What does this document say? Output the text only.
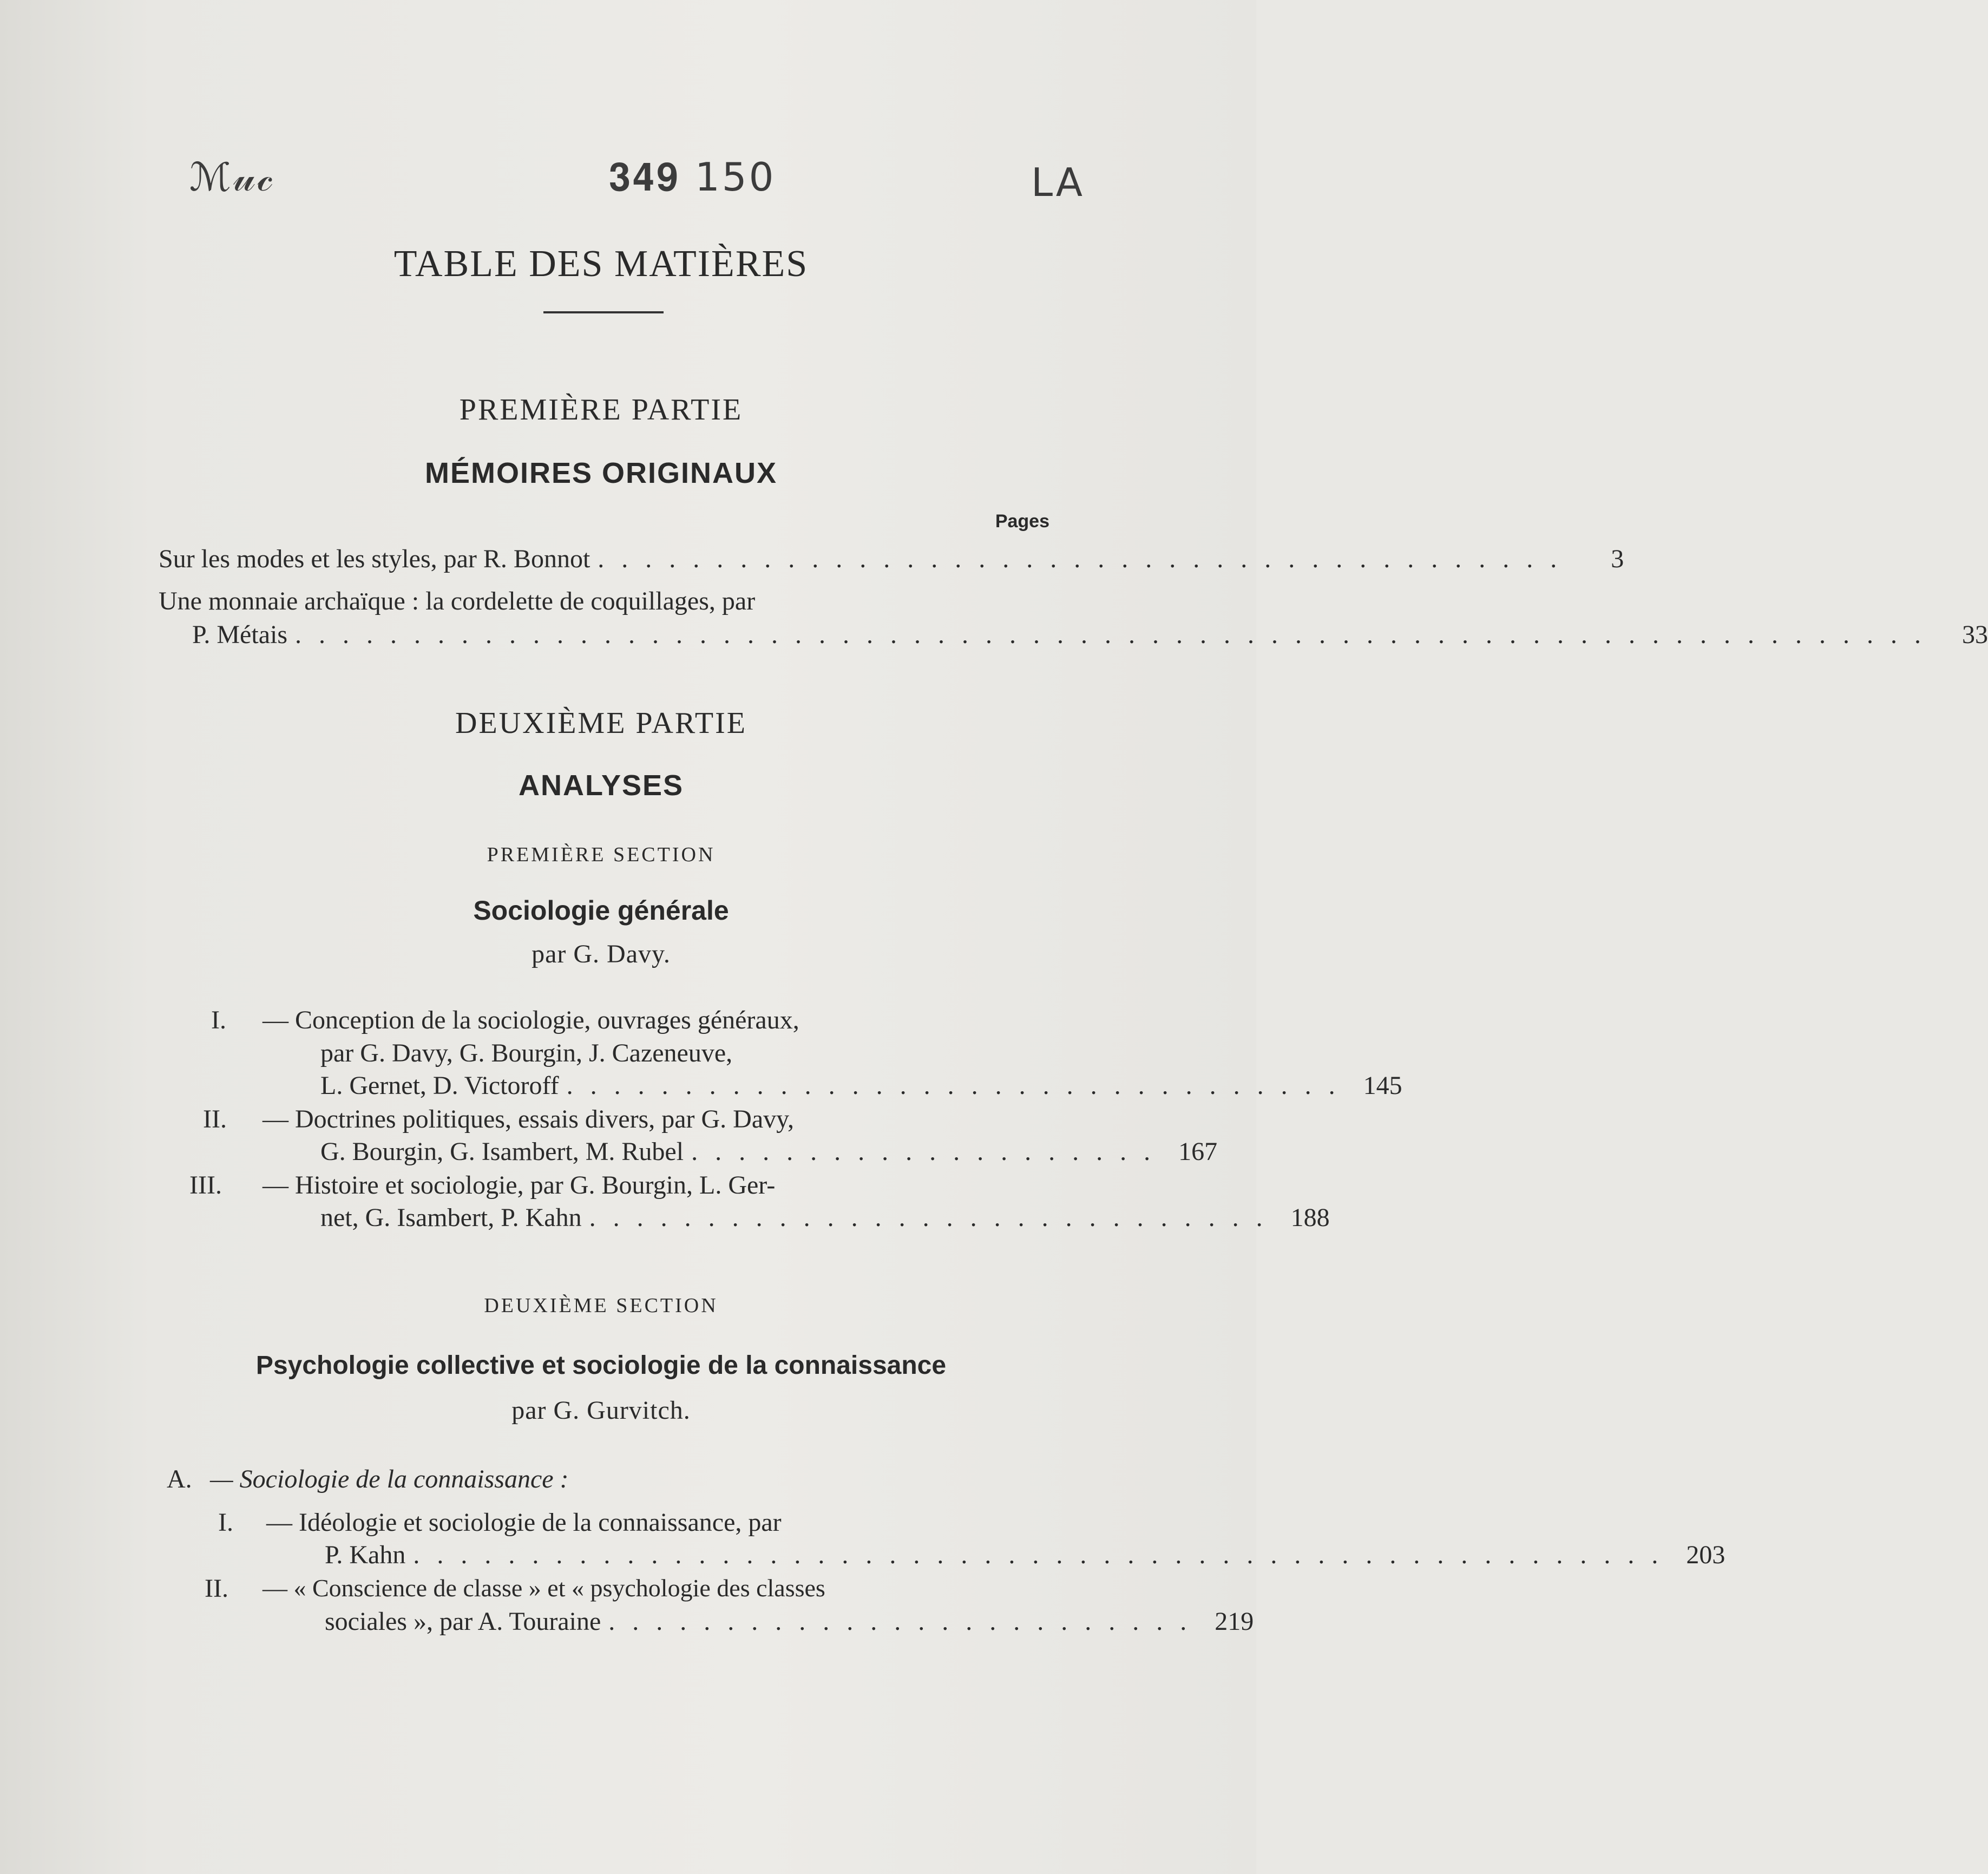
ℳ𝓊𝒸	𝟑𝟒𝟗 150	LA
TABLE DES MATIÈRES
PREMIÈRE PARTIE
MÉMOIRES ORIGINAUX
Pages
Sur les modes et les styles, par R. Bonnot . . . . . . . . . . . . . . . . . . . . . . . . . . . . . . . . . . . . . . . . .	3
Une monnaie archaïque : la cordelette de coquillages, par
P. Métais . . . . . . . . . . . . . . . . . . . . . . . . . . . . . . . . . . . . . . . . . . . . . . . . . . . . . . . . . . . . . . . . . . . . .	33
DEUXIÈME PARTIE
ANALYSES
PREMIÈRE SECTION
Sociologie générale
par G. Davy.
I. — Conception de la sociologie, ouvrages généraux,
par G. Davy, G. Bourgin, J. Cazeneuve,
L. Gernet, D. Victoroff . . . . . . . . . . . . . . . . . . . . . . . . . . . . . . . . . 145
II. — Doctrines politiques, essais divers, par G. Davy,
G. Bourgin, G. Isambert, M. Rubel . . . . . . . . . . . . . . . . . . . . 167
III. — Histoire et sociologie, par G. Bourgin, L. Ger-
net, G. Isambert, P. Kahn . . . . . . . . . . . . . . . . . . . . . . . . . . . . . 188
DEUXIÈME SECTION
Psychologie collective et sociologie de la connaissance
par G. Gurvitch.
A. — Sociologie de la connaissance :
I. — Idéologie et sociologie de la connaissance, par
P. Kahn . . . . . . . . . . . . . . . . . . . . . . . . . . . . . . . . . . . . . . . . . . . . . . . . . . . . . 203
II. — « Conscience de classe » et « psychologie des classes
sociales », par A. Touraine . . . . . . . . . . . . . . . . . . . . . . . . . 219
